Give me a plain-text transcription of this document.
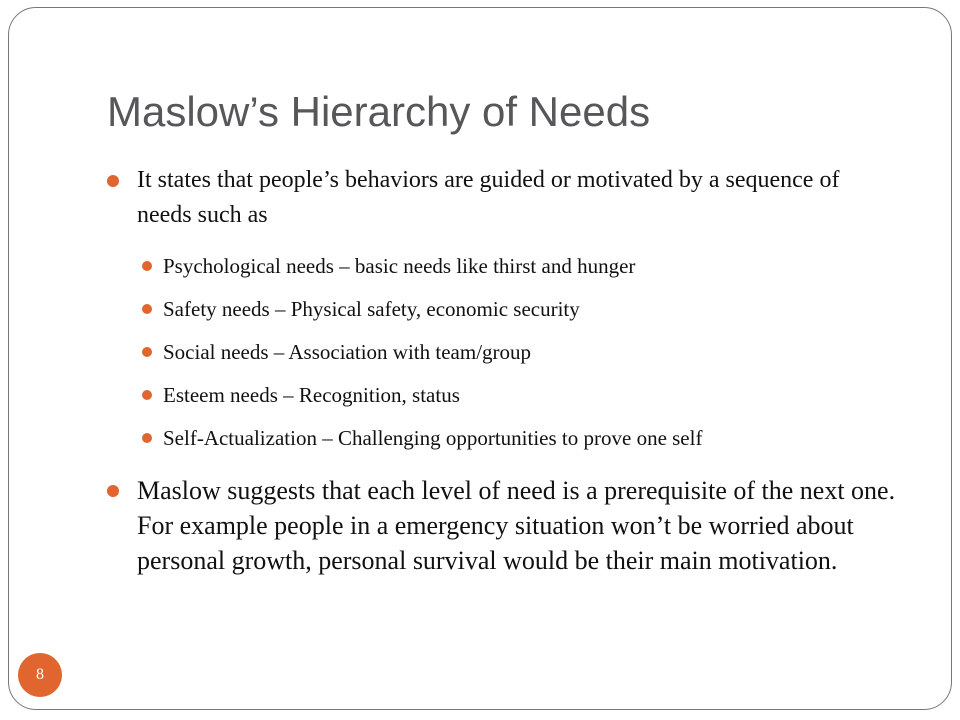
Maslow’s Hierarchy of Needs

It states that people’s behaviors are guided or motivated by a sequence of needs such as

Psychological needs – basic needs like thirst and hunger

Safety needs – Physical safety, economic security

Social needs – Association with team/group

Esteem needs – Recognition, status

Self-Actualization – Challenging opportunities to prove one self

Maslow suggests that each level of need is a prerequisite of the next one. For example people in a emergency situation won’t be worried about personal growth, personal survival would be their main motivation.

8
